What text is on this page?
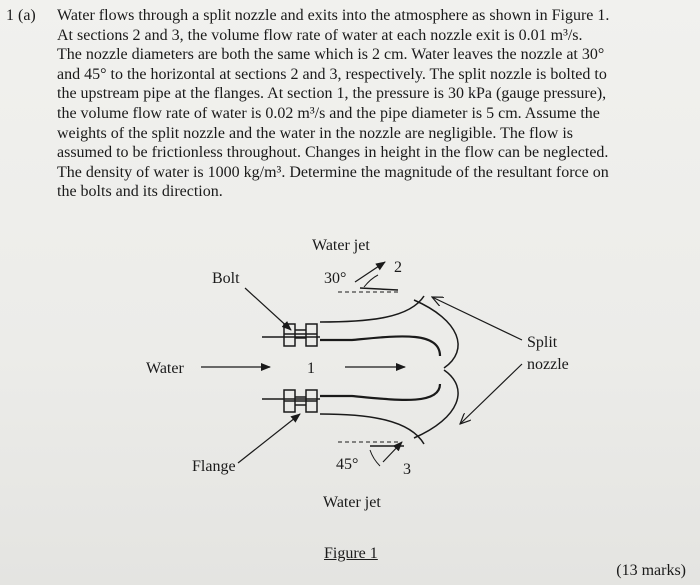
1 (a) Water flows through a split nozzle and exits into the atmosphere as shown in Figure 1.
At sections 2 and 3, the volume flow rate of water at each nozzle exit is 0.01 m³/s.
The nozzle diameters are both the same which is 2 cm. Water leaves the nozzle at 30°
and 45° to the horizontal at sections 2 and 3, respectively. The split nozzle is bolted to
the upstream pipe at the flanges. At section 1, the pressure is 30 kPa (gauge pressure),
the volume flow rate of water is 0.02 m³/s and the pipe diameter is 5 cm. Assume the
weights of the split nozzle and the water in the nozzle are negligible. The flow is
assumed to be frictionless throughout. Changes in height in the flow can be neglected.
The density of water is 1000 kg/m³. Determine the magnitude of the resultant force on
the bolts and its direction.
Water jet
30°
2
Bolt
Split
nozzle
Water	1
Flange	45°	3
Water jet
Figure 1
(13 marks)
